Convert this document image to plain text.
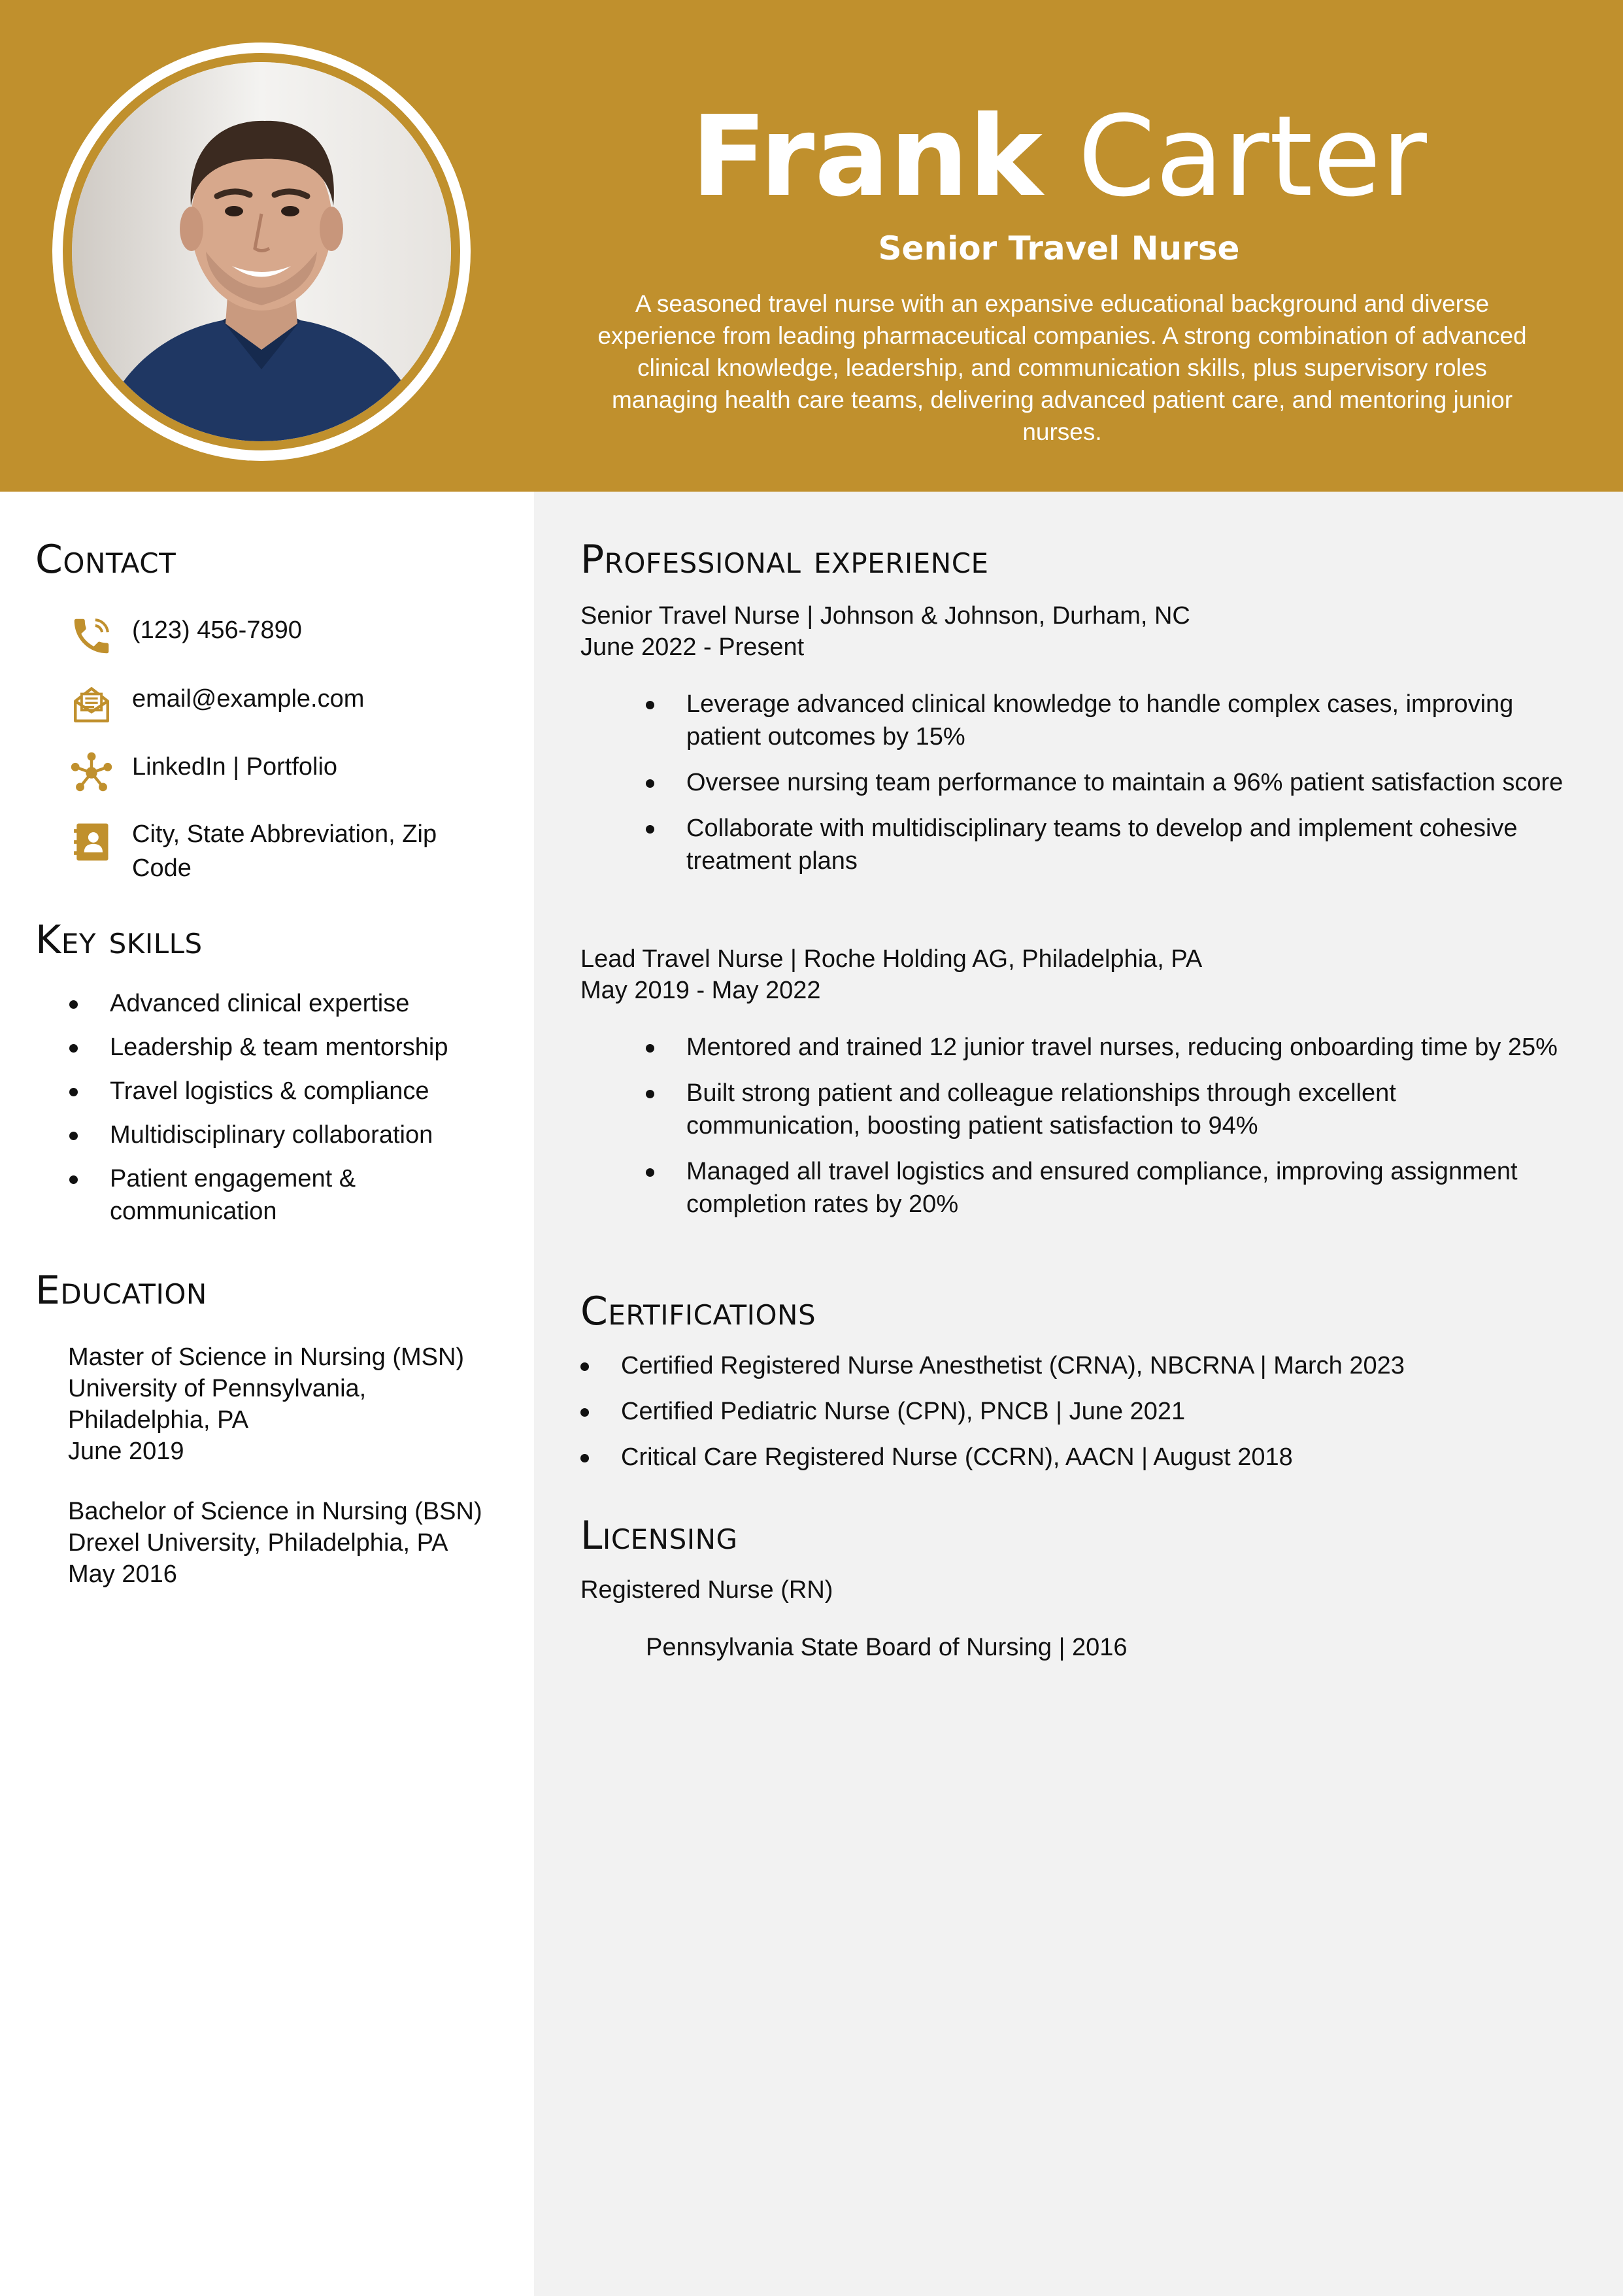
Frank Carter
Senior Travel Nurse
A seasoned travel nurse with an expansive educational background and diverse experience from leading pharmaceutical companies. A strong combination of advanced clinical knowledge, leadership, and communication skills, plus supervisory roles managing health care teams, delivering advanced patient care, and mentoring junior nurses.
Contact
(123) 456-7890
email@example.com
LinkedIn | Portfolio
City, State Abbreviation, Zip Code
Key skills
Advanced clinical expertise
Leadership & team mentorship
Travel logistics & compliance
Multidisciplinary collaboration
Patient engagement & communication
Education
Master of Science in Nursing (MSN)
University of Pennsylvania, Philadelphia, PA
June 2019
Bachelor of Science in Nursing (BSN)
Drexel University, Philadelphia, PA
May 2016
Professional experience
Senior Travel Nurse | Johnson & Johnson, Durham, NC
June 2022 - Present
Leverage advanced clinical knowledge to handle complex cases, improving patient outcomes by 15%
Oversee nursing team performance to maintain a 96% patient satisfaction score
Collaborate with multidisciplinary teams to develop and implement cohesive treatment plans
Lead Travel Nurse | Roche Holding AG, Philadelphia, PA
May 2019 - May 2022
Mentored and trained 12 junior travel nurses, reducing onboarding time by 25%
Built strong patient and colleague relationships through excellent communication, boosting patient satisfaction to 94%
Managed all travel logistics and ensured compliance, improving assignment completion rates by 20%
Certifications
Certified Registered Nurse Anesthetist (CRNA), NBCRNA | March 2023
Certified Pediatric Nurse (CPN), PNCB | June 2021
Critical Care Registered Nurse (CCRN), AACN | August 2018
Licensing
Registered Nurse (RN)
Pennsylvania State Board of Nursing | 2016
